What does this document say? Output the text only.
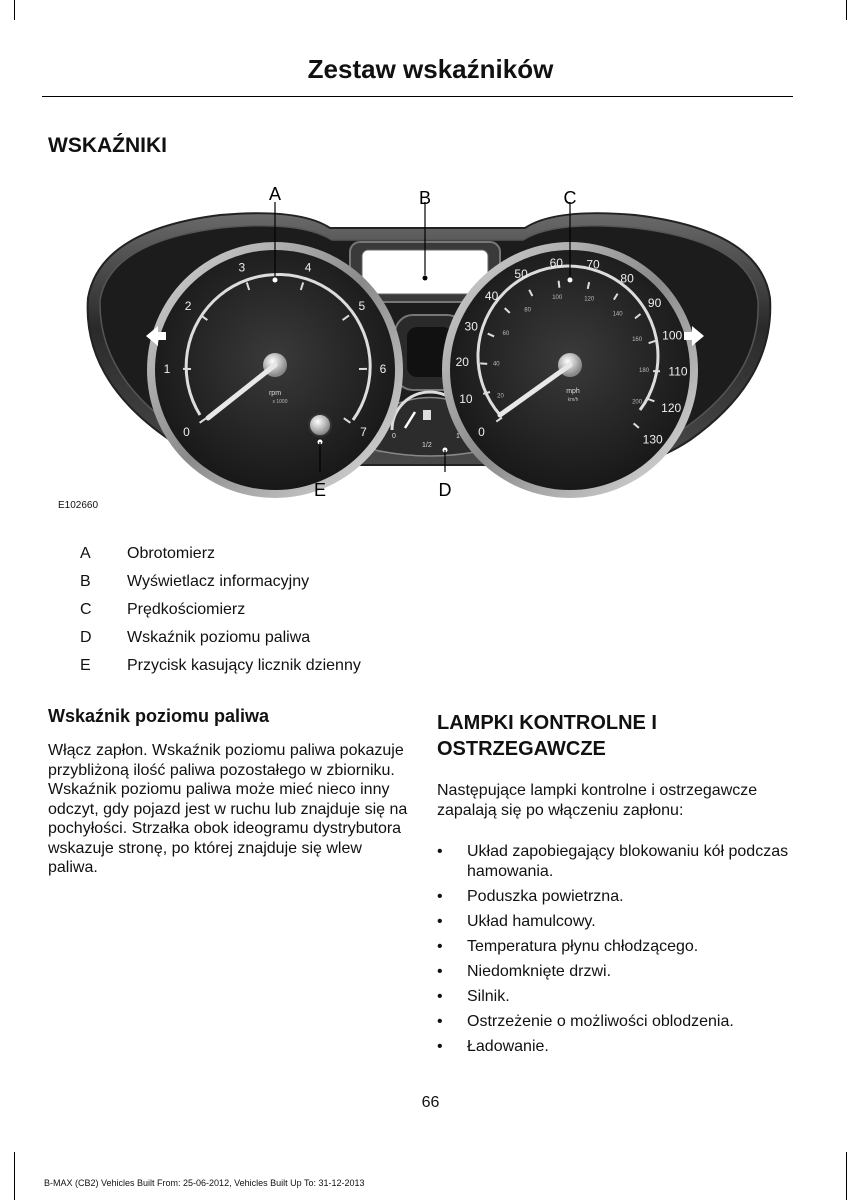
Zestaw wskaźników
WSKAŹNIKI
0
1/2
1
0
1
2
3	4
5
6
7
rpm
x 1000
0
10
20
30
40
50
60 70
80
90
100
110
120
130
20
40
60
80
100	120
140
160
180
200
mph
km/h
A	B	C
D
E
E102660
A	Obrotomierz
B	Wyświetlacz informacyjny
C	Prędkościomierz
D	Wskaźnik poziomu paliwa
E	Przycisk kasujący licznik dzienny
Wskaźnik poziomu paliwa

Włącz zapłon. Wskaźnik poziomu paliwa pokazuje przybliżoną ilość paliwa pozostałego w zbiorniku. Wskaźnik poziomu paliwa może mieć nieco inny odczyt, gdy pojazd jest w ruchu lub znajduje się na pochyłości. Strzałka obok ideogramu dystrybutora wskazuje stronę, po której znajduje się wlew paliwa.

LAMPKI KONTROLNE I OSTRZEGAWCZE

Następujące lampki kontrolne i ostrzegawcze zapalają się po włączeniu zapłonu:

• Układ zapobiegający blokowaniu kół podczas hamowania.
• Poduszka powietrzna.
• Układ hamulcowy.
• Temperatura płynu chłodzącego.
• Niedomknięte drzwi.
• Silnik.
• Ostrzeżenie o możliwości oblodzenia.
• Ładowanie.
66
B-MAX (CB2) Vehicles Built From: 25-06-2012, Vehicles Built Up To: 31-12-2013
